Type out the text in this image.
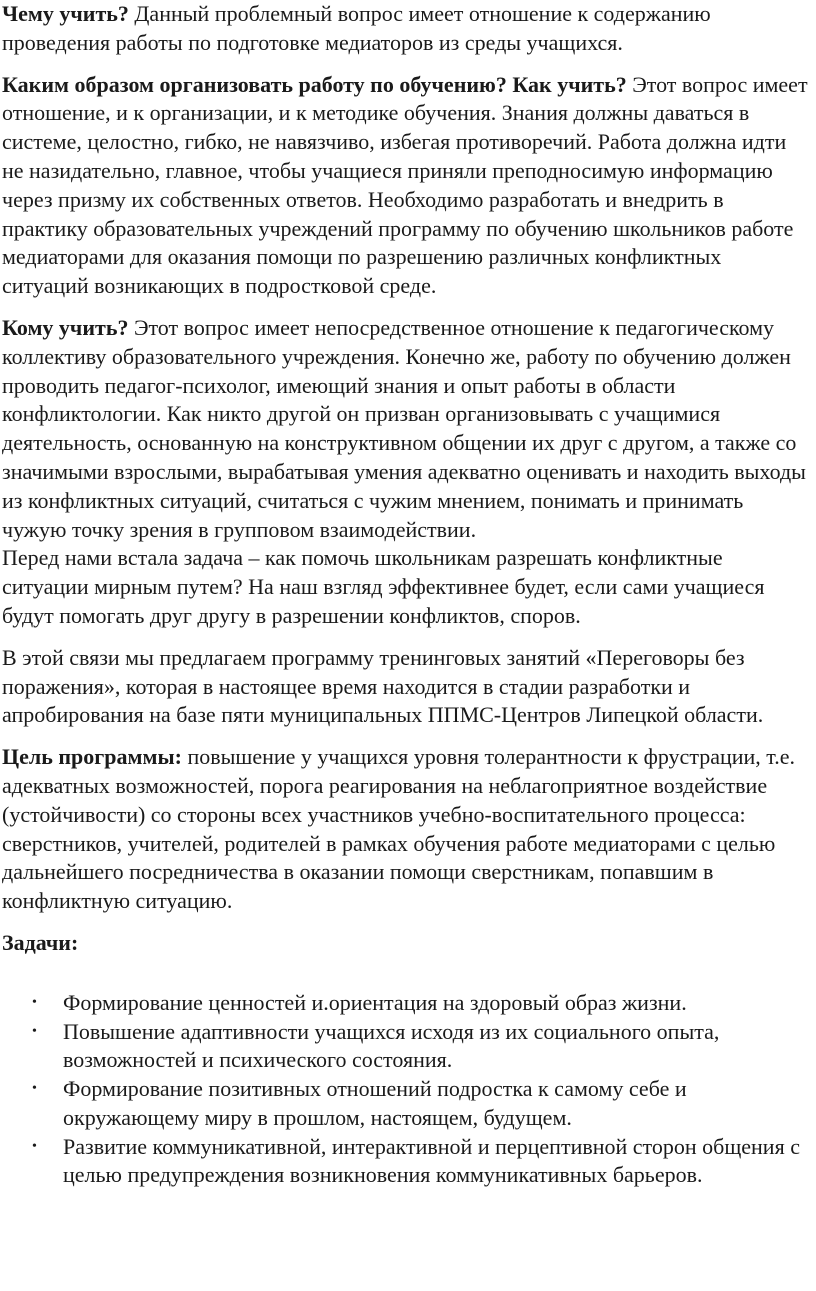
Чему учить? Данный проблемный вопрос имеет отношение к содержанию проведения работы по подготовке медиаторов из среды учащихся.

Каким образом организовать работу по обучению? Как учить? Этот вопрос имеет отношение, и к организации, и к методике обучения. Знания должны даваться в системе, целостно, гибко, не навязчиво, избегая противоречий. Работа должна идти не назидательно, главное, чтобы учащиеся приняли преподносимую информацию через призму их собственных ответов. Необходимо разработать и внедрить в практику образовательных учреждений программу по обучению школьников работе медиаторами для оказания помощи по разрешению различных конфликтных ситуаций возникающих в подростковой среде.

Кому учить? Этот вопрос имеет непосредственное отношение к педагогическому коллективу образовательного учреждения. Конечно же, работу по обучению должен проводить педагог-психолог, имеющий знания и опыт работы в области конфликтологии. Как никто другой он призван организовывать с учащимися деятельность, основанную на конструктивном общении их друг с другом, а также со значимыми взрослыми, вырабатывая умения адекватно оценивать и находить выходы из конфликтных ситуаций, считаться с чужим мнением, понимать и принимать чужую точку зрения в групповом взаимодействии.

Перед нами встала задача – как помочь школьникам разрешать конфликтные ситуации мирным путем? На наш взгляд эффективнее будет, если сами учащиеся будут помогать друг другу в разрешении конфликтов, споров.

В этой связи мы предлагаем программу тренинговых занятий «Переговоры без поражения», которая в настоящее время находится в стадии разработки и апробирования на базе пяти муниципальных ППМС-Центров Липецкой области.

Цель программы: повышение у учащихся уровня толерантности к фрустрации, т.е. адекватных возможностей, порога реагирования на неблагоприятное воздействие (устойчивости) со стороны всех участников учебно-воспитательного процесса: сверстников, учителей, родителей в рамках обучения работе медиаторами с целью дальнейшего посредничества в оказании помощи сверстникам, попавшим в конфликтную ситуацию.

Задачи:

• Формирование ценностей и.ориентация на здоровый образ жизни.
• Повышение адаптивности учащихся исходя из их социального опыта, возможностей и психического состояния.
• Формирование позитивных отношений подростка к самому себе и окружающему миру в прошлом, настоящем, будущем.
• Развитие коммуникативной, интерактивной и перцептивной сторон общения с целью предупреждения возникновения коммуникативных барьеров.
